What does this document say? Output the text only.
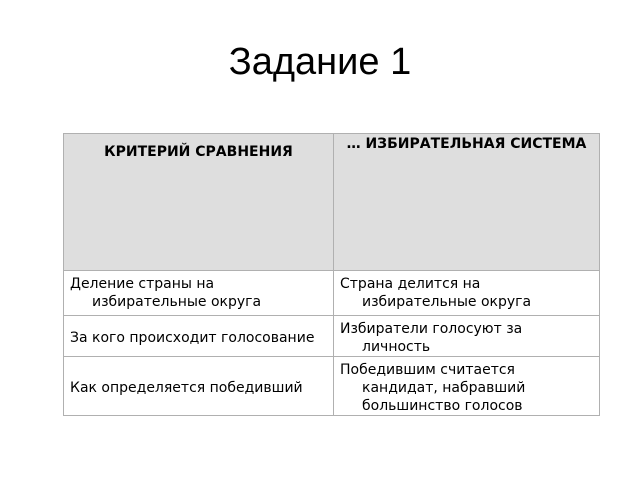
Задание 1
КРИТЕРИЙ СРАВНЕНИЯ	… ИЗБИРАТЕЛЬНАЯ СИСТЕМА

Деление страны на избирательные округа	Страна делится на избирательные округа

За кого происходит голосование	Избиратели голосуют за личность

Как определяется победивший	Победившим считается кандидат, набравший большинство голосов
